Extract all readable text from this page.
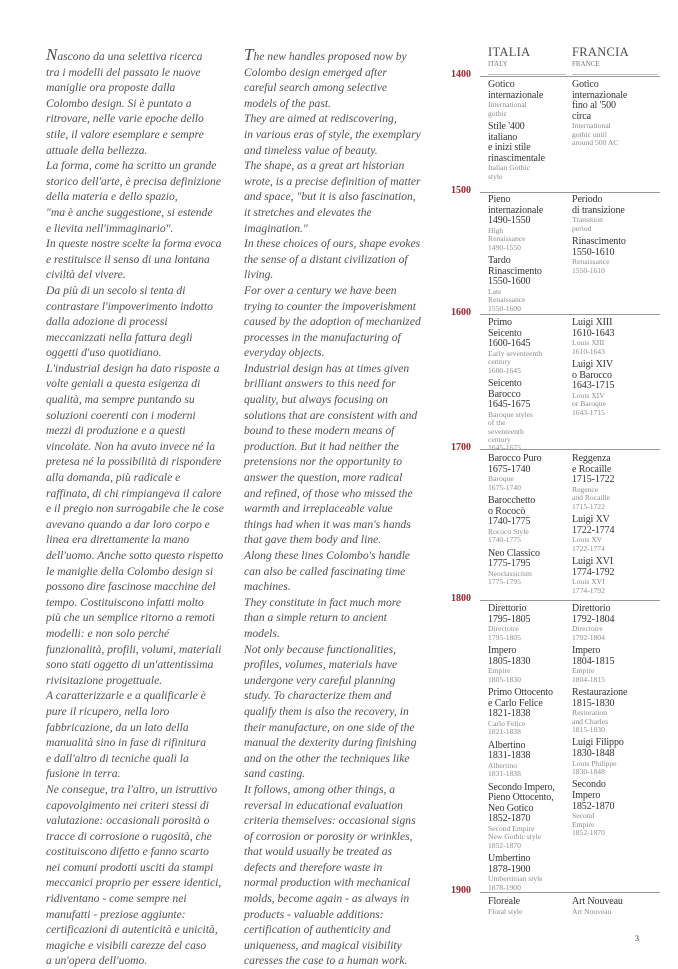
Nascono da una selettiva ricerca
tra i modelli del passato le nuove
maniglie ora proposte dalla
Colombo design. Si è puntato a
ritrovare, nelle varie epoche dello
stile, il valore esemplare e sempre
attuale della bellezza.
La forma, come ha scritto un grande
storico dell'arte, è precisa definizione
della materia e dello spazio,
"ma è anche suggestione, si estende
e lievita nell'immaginario".
In queste nostre scelte la forma evoca
e restituisce il senso di una lontana
civiltà del vivere.
Da più di un secolo si tenta di
contrastare l'impoverimento indotto
dalla adozione di processi
meccanizzati nella fattura degli
oggetti d'uso quotidiano.
L'industrial design ha dato risposte a
volte geniali a questa esigenza di
qualità, ma sempre puntando su
soluzioni coerenti con i moderni
mezzi di produzione e a questi
vincolate. Non ha avuto invece né la
pretesa né la possibilità di rispondere
alla domanda, più radicale e
raffinata, di chi rimpiangeva il calore
e il pregio non surrogabile che le cose
avevano quando a dar loro corpo e
linea era direttamente la mano
dell'uomo. Anche sotto questo rispetto
le maniglie della Colombo design si
possono dire fascinose macchine del
tempo. Costituiscono infatti molto
più che un semplice ritorno a remoti
modelli: e non solo perché
funzionalità, profili, volumi, materiali
sono stati oggetto di un'attentissima
rivisitazione progettuale.
A caratterizzarle e a qualificarle è
pure il ricupero, nella loro
fabbricazione, da un lato della
manualità sino in fase di rifinitura
e dall'altro di tecniche quali la
fusione in terra.
Ne consegue, tra l'altro, un istruttivo
capovolgimento nei criteri stessi di
valutazione: occasionali porosità o
tracce di corrosione o rugosità, che
costituiscono difetto e fanno scarto
nei comuni prodotti usciti da stampi
meccanici proprio per essere identici,
ridiventano - come sempre nei
manufatti - preziose aggiunte:
certificazioni di autenticità e unicità,
magiche e visibili carezze del caso
a un'opera dell'uomo.
The new handles proposed now by
Colombo design emerged after
careful search among selective
models of the past.
They are aimed at rediscovering,
in various eras of style, the exemplary
and timeless value of beauty.
The shape, as a great art historian
wrote, is a precise definition of matter
and space, "but it is also fascination,
it stretches and elevates the
imagination."
In these choices of ours, shape evokes
the sense of a distant civilization of
living.
For over a century we have been
trying to counter the impoverishment
caused by the adoption of mechanized
processes in the manufacturing of
everyday objects.
Industrial design has at times given
brilliant answers to this need for
quality, but always focusing on
solutions that are consistent with and
bound to these modern means of
production. But it had neither the
pretensions nor the opportunity to
answer the question, more radical
and refined, of those who missed the
warmth and irreplaceable value
things had when it was man's hands
that gave them body and line.
Along these lines Colombo's handle
can also be called fascinating time
machines.
They constitute in fact much more
than a simple return to ancient
models.
Not only because functionalities,
profiles, volumes, materials have
undergone very careful planning
study. To characterize them and
qualify them is also the recovery, in
their manufacture, on one side of the
manual the dexterity during finishing
and on the other the techniques like
sand casting.
It follows, among other things, a
reversal in educational evaluation
criteria themselves: occasional signs
of corrosion or porosity or wrinkles,
that would usually be treated as
defects and therefore waste in
normal production with mechanical
molds, become again - as always in
products - valuable additions:
certification of authenticity and
uniqueness, and magical visibility
caresses the case to a human work.
ITALIA
ITALY
FRANCIA
FRANCE
1400
1500
1600
1700
1800
1900
Gotico
internazionale
International
gothic
Stile '400
italiano
e inizi stile
rinascimentale
Italian Gothic
style
Pieno
internazionale
1490-1550
High
Renaissance
1490-1550
Tardo
Rinascimento
1550-1600
Late
Renaissance
1550-1600
Primo
Seicento
1600-1645
Early seventeenth
century
1600-1645
Seicento
Barocco
1645-1675
Baroque styles
of the
seventeenth
century
1645-1675
Barocco Puro
1675-1740
Baroque
1675-1740
Barocchetto
o Rococò
1740-1775
Rococo Style
1740-1775
Neo Classico
1775-1795
Neoclassicism
1775-1795
Direttorio
1795-1805
Directoire
1795-1805
Impero
1805-1830
Empire
1805-1830
Primo Ottocento
e Carlo Felice
1821-1838
Carlo Felice
1821-1838
Albertino
1831-1838
Albertino
1831-1838
Secondo Impero,
Pieno Ottocento,
Neo Gotico
1852-1870
Second Empire
New Gothic style
1852-1870
Umbertino
1878-1900
Umbertinian style
1878-1900
Floreale
Floral style
Gotico
internazionale
fino al '500
circa
International
gothic until
around 500 AC
Periodo
di transizione
Transition
period
Rinascimento
1550-1610
Renaissance
1550-1610
Luigi XIII
1610-1643
Louis XIII
1610-1643
Luigi XIV
o Barocco
1643-1715
Louis XIV
or Baroque
1643-1715
Reggenza
e Rocaille
1715-1722
Regence
and Rocaille
1715-1722
Luigi XV
1722-1774
Louis XV
1722-1774
Luigi XVI
1774-1792
Louis XVI
1774-1792
Direttorio
1792-1804
Directoire
1792-1804
Impero
1804-1815
Empire
1804-1815
Restaurazione
1815-1830
Restoration
and Charles
1815-1830
Luigi Filippo
1830-1848
Louis Philippe
1830-1848
Secondo
Impero
1852-1870
Second
Empire
1852-1870
Art Nouveau
Art Nouveau
3
